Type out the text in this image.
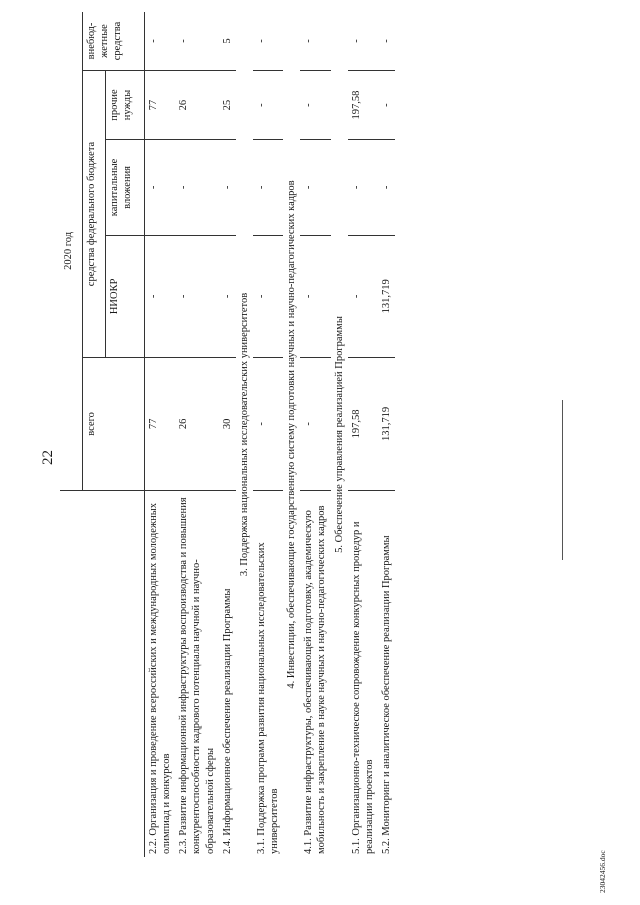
22
	2020 год				
	всего	средства федерального бюджета			внебюд- жетные средства
		НИОКР	капитальные вложения	прочие нужды	
2.2. Организация и проведение всероссийских и международных молодежных олимпиад и конкурсов	77	-	-	77	-
2.3. Развитие информационной инфраструктуры воспроизводства и повышения конкурентоспособности кадрового потенциала научной и научно-образовательной сферы	26	-	-	26	-
2.4. Информационное обеспечение реализации Программы	30	-	-	25	5
3. Поддержка национальных исследовательских университетов					
3.1. Поддержка программ развития национальных исследовательских университетов	-	-	-	-	-
4. Инвестиции, обеспечивающие государственную систему подготовки научных и научно-педагогических кадров					
4.1. Развитие инфраструктуры, обеспечивающей подготовку, академическую мобильность и закрепление в науке научных и научно-педагогических кадров	-	-	-	-	-
5. Обеспечение управления реализацией Программы					
5.1. Организационно-техническое сопровождение конкурсных процедур и реализации проектов	197,58	-	-	197,58	-
5.2. Мониторинг и аналитическое обеспечение реализации Программы	131,719	131,719	-	-	-
23042456.doc
